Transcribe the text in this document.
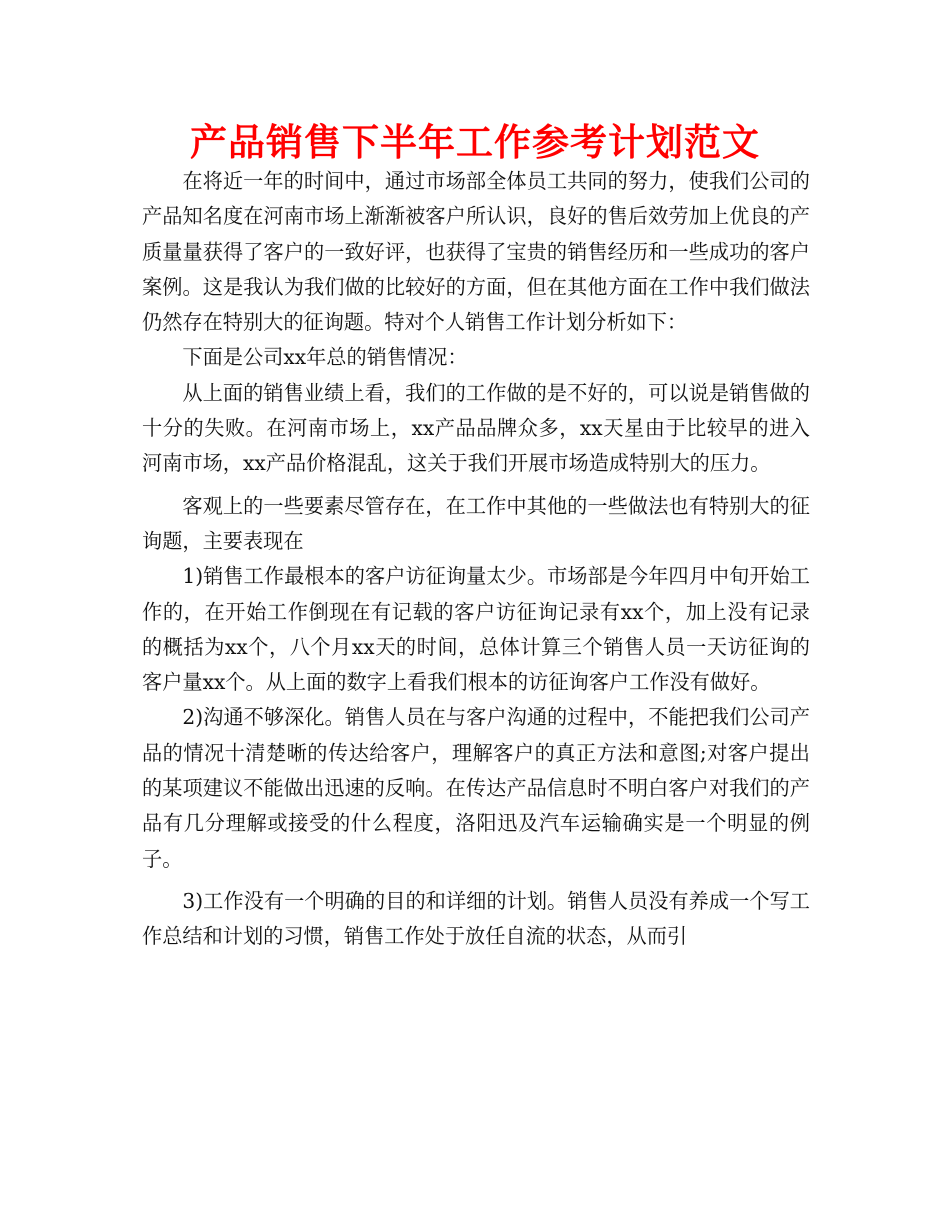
产品销售下半年工作参考计划范文

在将近一年的时间中，通过市场部全体员工共同的努力，使我们公司的产品知名度在河南市场上渐渐被客户所认识，良好的售后效劳加上优良的产质量量获得了客户的一致好评，也获得了宝贵的销售经历和一些成功的客户案例。这是我认为我们做的比较好的方面，但在其他方面在工作中我们做法仍然存在特别大的征询题。特对个人销售工作计划分析如下：

下面是公司xx年总的销售情况：

从上面的销售业绩上看，我们的工作做的是不好的，可以说是销售做的十分的失败。在河南市场上，xx产品品牌众多，xx天星由于比较早的进入河南市场，xx产品价格混乱，这关于我们开展市场造成特别大的压力。

客观上的一些要素尽管存在，在工作中其他的一些做法也有特别大的征询题，主要表现在

1)销售工作最根本的客户访征询量太少。市场部是今年四月中旬开始工作的，在开始工作倒现在有记载的客户访征询记录有xx个，加上没有记录的概括为xx个，八个月xx天的时间，总体计算三个销售人员一天访征询的客户量xx个。从上面的数字上看我们根本的访征询客户工作没有做好。

2)沟通不够深化。销售人员在与客户沟通的过程中，不能把我们公司产品的情况十清楚晰的传达给客户，理解客户的真正方法和意图;对客户提出的某项建议不能做出迅速的反响。在传达产品信息时不明白客户对我们的产品有几分理解或接受的什么程度，洛阳迅及汽车运输确实是一个明显的例子。

3)工作没有一个明确的目的和详细的计划。销售人员没有养成一个写工作总结和计划的习惯，销售工作处于放任自流的状态，从而引
